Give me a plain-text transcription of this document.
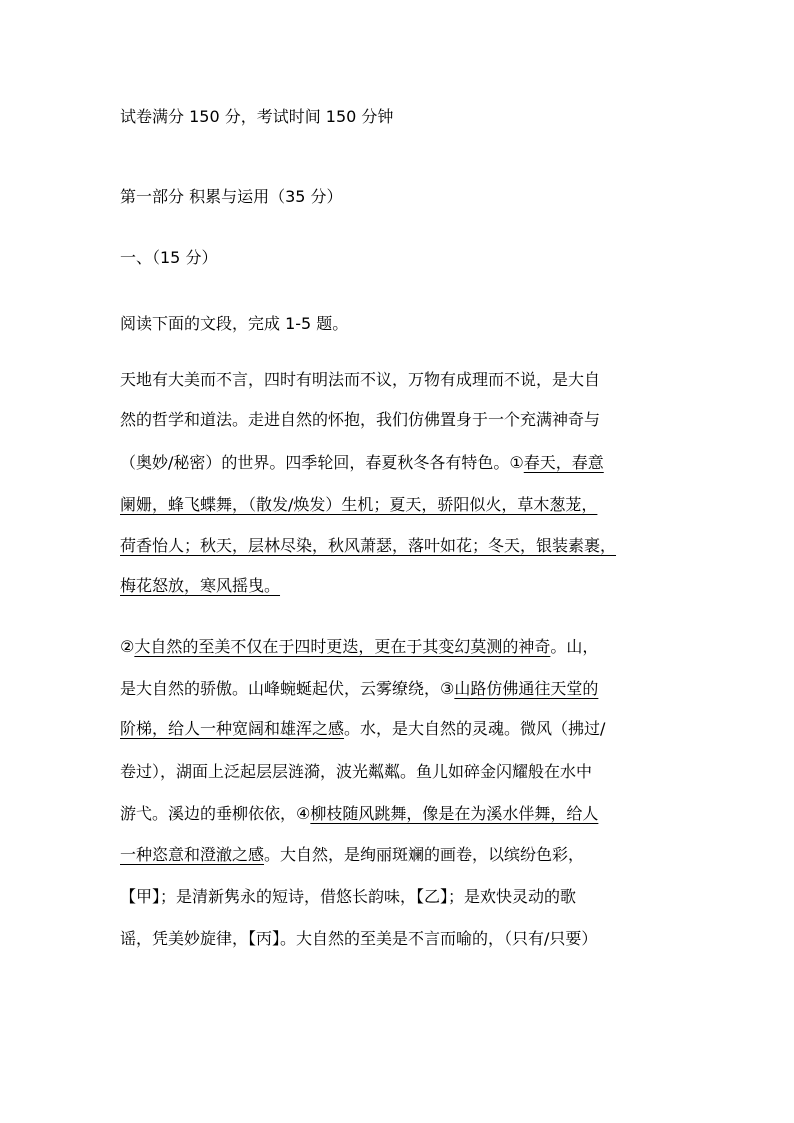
试卷满分 150 分，考试时间 150 分钟
第一部分 积累与运用（35 分）
一、（15 分）
阅读下面的文段，完成 1-5 题。
天地有大美而不言，四时有明法而不议，万物有成理而不说，是大自
然的哲学和道法。走进自然的怀抱，我们仿佛置身于一个充满神奇与
（奥妙/秘密）的世界。四季轮回，春夏秋冬各有特色。①春天，春意
阑姗，蜂飞蝶舞，（散发/焕发）生机；夏天，骄阳似火，草木葱茏，
荷香怡人；秋天，层林尽染，秋风萧瑟，落叶如花；冬天，银装素裹，
梅花怒放，寒风摇曳。
②大自然的至美不仅在于四时更迭，更在于其变幻莫测的神奇。山，
是大自然的骄傲。山峰蜿蜒起伏，云雾缭绕，③山路仿佛通往天堂的
阶梯，给人一种宽阔和雄浑之感。水，是大自然的灵魂。微风（拂过/
卷过），湖面上泛起层层涟漪，波光粼粼。鱼儿如碎金闪耀般在水中
游弋。溪边的垂柳依依，④柳枝随风跳舞，像是在为溪水伴舞，给人
一种恣意和澄澈之感。大自然，是绚丽斑斓的画卷，以缤纷色彩，
【甲】；是清新隽永的短诗，借悠长韵味，【乙】；是欢快灵动的歌
谣，凭美妙旋律，【丙】。大自然的至美是不言而喻的，（只有/只要）
